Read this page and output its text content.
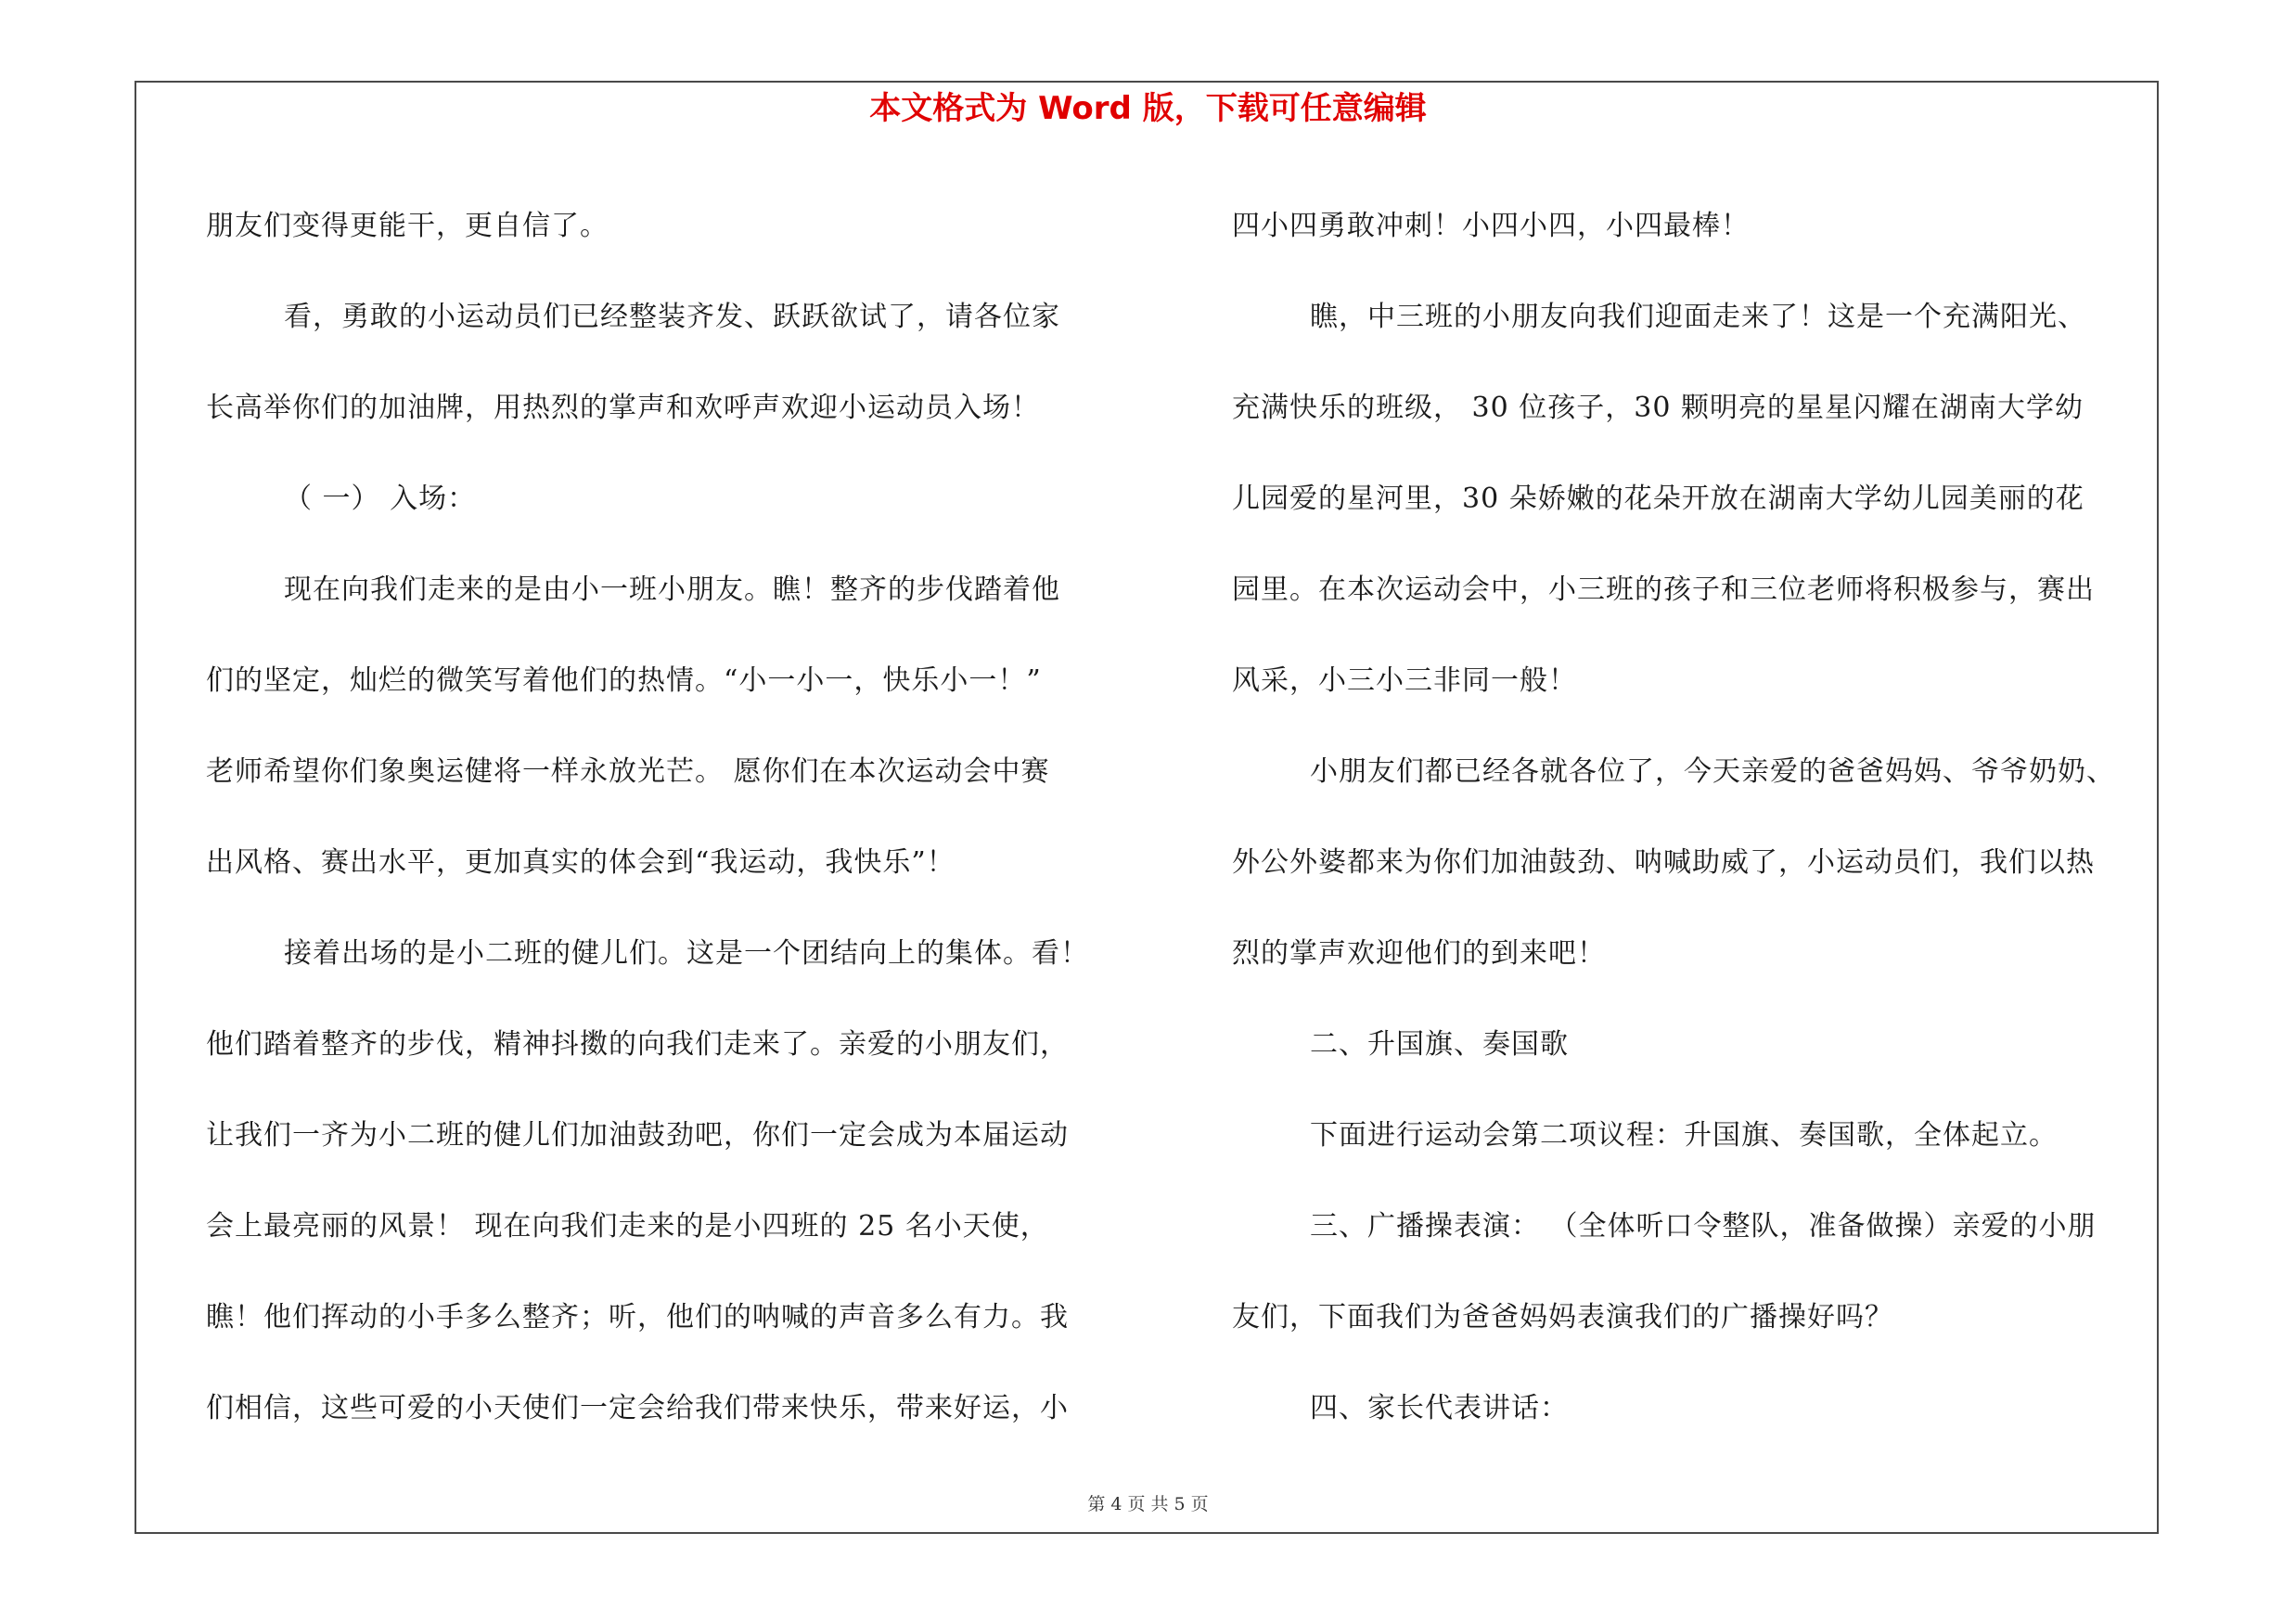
本文格式为 Word 版，下载可任意编辑
朋友们变得更能干，更自信了。
看，勇敢的小运动员们已经整装齐发、跃跃欲试了，请各位家
长高举你们的加油牌，用热烈的掌声和欢呼声欢迎小运动员入场！
（ 一） 入场：
现在向我们走来的是由小一班小朋友。瞧！整齐的步伐踏着他
们的坚定，灿烂的微笑写着他们的热情。“小一小一，快乐小一！”
老师希望你们象奥运健将一样永放光芒。 愿你们在本次运动会中赛
出风格、赛出水平，更加真实的体会到“我运动，我快乐”！
接着出场的是小二班的健儿们。这是一个团结向上的集体。看！
他们踏着整齐的步伐，精神抖擞的向我们走来了。亲爱的小朋友们，
让我们一齐为小二班的健儿们加油鼓劲吧，你们一定会成为本届运动
会上最亮丽的风景！ 现在向我们走来的是小四班的 25 名小天使，
瞧！他们挥动的小手多么整齐；听，他们的呐喊的声音多么有力。我
们相信，这些可爱的小天使们一定会给我们带来快乐，带来好运，小
四小四勇敢冲刺！小四小四，小四最棒！
瞧，中三班的小朋友向我们迎面走来了！这是一个充满阳光、
充满快乐的班级， 30 位孩子，30 颗明亮的星星闪耀在湖南大学幼
儿园爱的星河里，30 朵娇嫩的花朵开放在湖南大学幼儿园美丽的花
园里。在本次运动会中，小三班的孩子和三位老师将积极参与，赛出
风采，小三小三非同一般！
小朋友们都已经各就各位了，今天亲爱的爸爸妈妈、爷爷奶奶、
外公外婆都来为你们加油鼓劲、呐喊助威了，小运动员们，我们以热
烈的掌声欢迎他们的到来吧！
二、升国旗、奏国歌
下面进行运动会第二项议程：升国旗、奏国歌，全体起立。
三、广播操表演： （全体听口令整队，准备做操）亲爱的小朋
友们，下面我们为爸爸妈妈表演我们的广播操好吗？
四、家长代表讲话：
第 4 页 共 5 页
